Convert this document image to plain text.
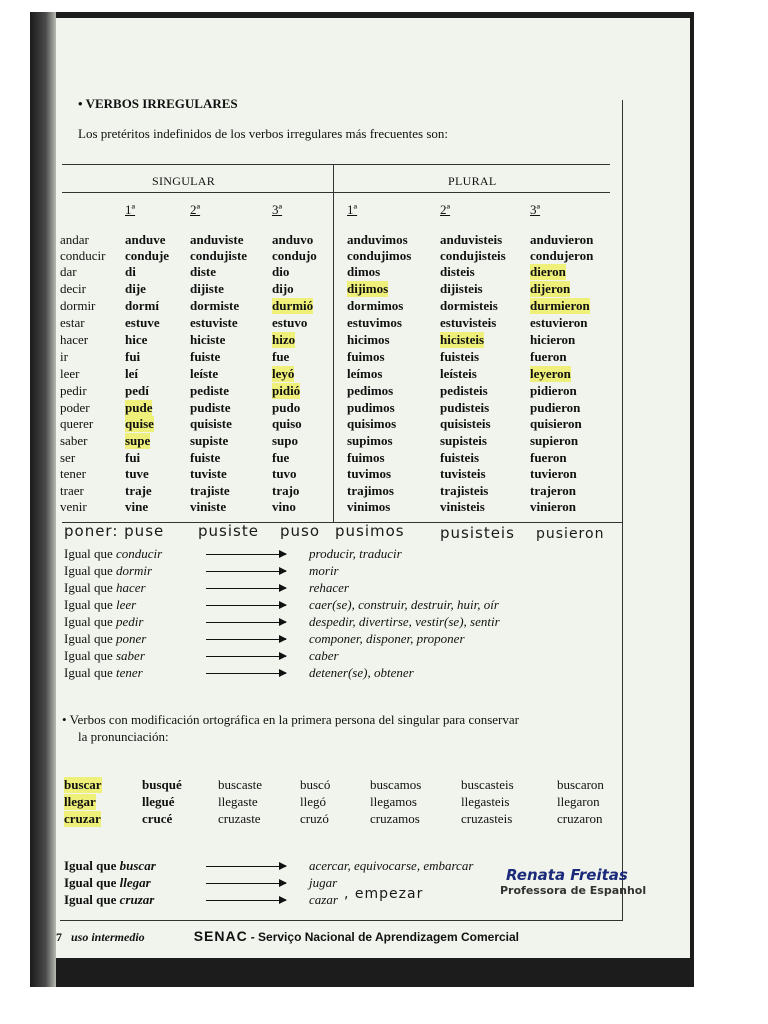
• VERBOS IRREGULARES
Los pretéritos indefinidos de los verbos irregulares más frecuentes son:
SINGULAR	PLURAL
1ª	2ª	3ª	1ª	2ª	3ª
andar	anduve anduviste anduvo	anduvimos anduvisteis anduvieron
conducir conduje condujiste condujo condujimos condujisteis condujeron
dar	di	diste	dio	dimos	disteis	dieron
decir	dije	dijiste	dijo	dijimos	dijisteis	dijeron
dormir dormí dormiste	durmió	dormimos	dormisteis durmieron
estar	estuve estuviste	estuvo	estuvimos	estuvisteis	estuvieron
hacer	hice	hiciste	hizo	hicimos	hicisteis	hicieron
ir	fui	fuiste	fue	fuimos	fuisteis	fueron
leer	leí	leíste	leyó	leímos	leísteis	leyeron
pedir	pedí	pediste	pidió	pedimos	pedisteis	pidieron
poder	pude	pudiste	pudo	pudimos	pudisteis	pudieron
querer quise	quisiste	quiso	quisimos	quisisteis	quisieron
saber	supe	supiste	supo	supimos	supisteis	supieron
ser	fui	fuiste	fue	fuimos	fuisteis	fueron
tener	tuve	tuviste	tuvo	tuvimos	tuvisteis	tuvieron
traer	traje	trajiste	trajo	trajimos	trajisteis	trajeron
venir	vine	viniste	vino	vinimos	vinisteis	vinieron
poner: puse pusiste puso pusimos pusisteis pusieron
Igual que conducir	producir, traducir
Igual que dormir	morir
Igual que hacer	rehacer
Igual que leer	caer(se), construir, destruir, huir, oír
Igual que pedir	despedir, divertirse, vestir(se), sentir
Igual que poner	componer, disponer, proponer
Igual que saber	caber
Igual que tener	detener(se), obtener
• Verbos con modificación ortográfica en la primera persona del singular para conservar
la pronunciación:
buscar	busqué	buscaste	buscó	buscamos	buscasteis	buscaron
llegar	llegué	llegaste	llegó	llegamos	llegasteis	llegaron
cruzar	crucé	cruzaste	cruzó	cruzamos	cruzasteis	cruzaron
Igual que buscar	acercar, equivocarse, embarcar
Igual que llegar	jugar
Igual que cruzar	cazar , empezar
Renata Freitas
Professora de Espanhol
7 uso intermedio	SENAC - Serviço Nacional de Aprendizagem Comercial
